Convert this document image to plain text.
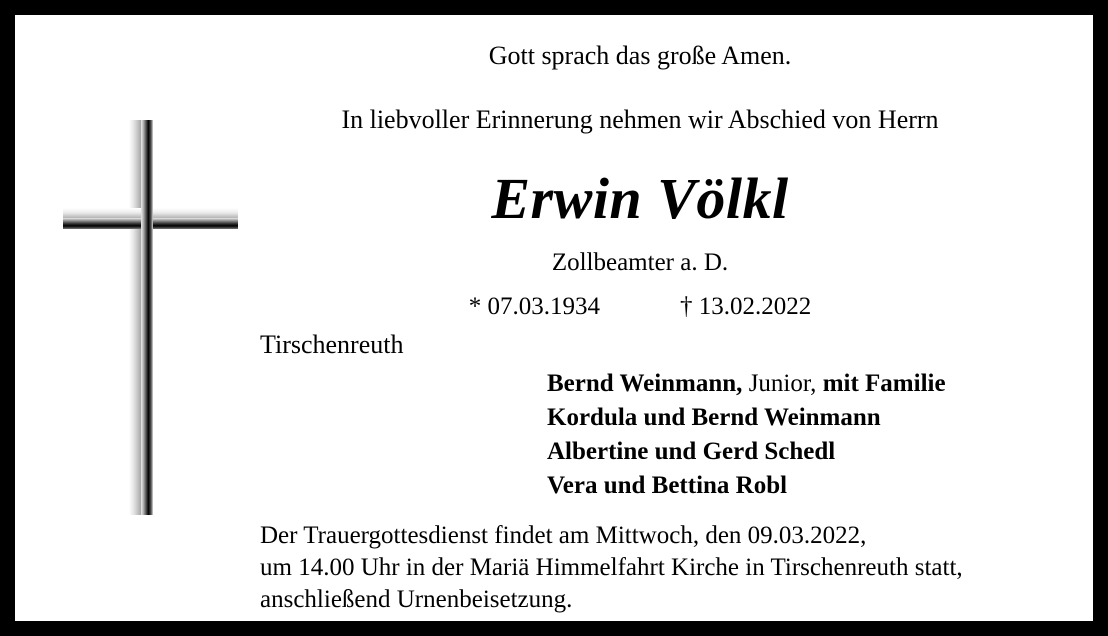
Gott sprach das große Amen.
In liebvoller Erinnerung nehmen wir Abschied von Herrn
Erwin Völkl
Zollbeamter a. D.
* 07.03.1934	† 13.02.2022
Tirschenreuth
Bernd Weinmann, Junior, mit Familie
Kordula und Bernd Weinmann
Albertine und Gerd Schedl
Vera und Bettina Robl
Der Trauergottesdienst findet am Mittwoch, den 09.03.2022,
um 14.00 Uhr in der Mariä Himmelfahrt Kirche in Tirschenreuth statt,
anschließend Urnenbeisetzung.
